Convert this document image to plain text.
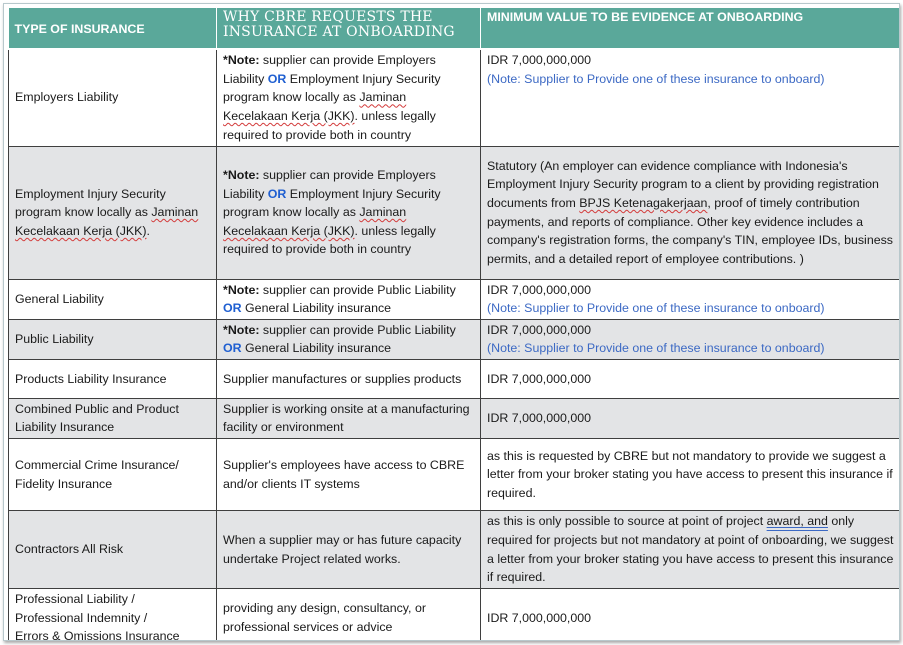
TYPE OF INSURANCE	WHY CBRE REQUESTS THE INSURANCE AT ONBOARDING	MINIMUM VALUE TO BE EVIDENCE AT ONBOARDING
Employers Liability	*Note: supplier can provide Employers Liability OR Employment Injury Security program know locally as Jaminan Kecelakaan Kerja (JKK). unless legally required to provide both in country	IDR 7,000,000,000
(Note: Supplier to Provide one of these insurance to onboard)

Employment Injury Security program know locally as Jaminan Kecelakaan Kerja (JKK).	*Note: supplier can provide Employers Liability OR Employment Injury Security program know locally as Jaminan Kecelakaan Kerja (JKK). unless legally required to provide both in country	Statutory (An employer can evidence compliance with Indonesia's Employment Injury Security program to a client by providing registration documents from BPJS Ketenagakerjaan, proof of timely contribution payments, and reports of compliance. Other key evidence includes a company's registration forms, the company's TIN, employee IDs, business permits, and a detailed report of employee contributions. )
General Liability	*Note: supplier can provide Public Liability OR General Liability insurance	IDR 7,000,000,000
(Note: Supplier to Provide one of these insurance to onboard)

Public Liability	*Note: supplier can provide Public Liability OR General Liability insurance	IDR 7,000,000,000
(Note: Supplier to Provide one of these insurance to onboard)

Products Liability Insurance	Supplier manufactures or supplies products	IDR 7,000,000,000
Combined Public and Product Liability Insurance	Supplier is working onsite at a manufacturing facility or environment	IDR 7,000,000,000
Commercial Crime Insurance/ Fidelity Insurance	Supplier's employees have access to CBRE and/or clients IT systems	as this is requested by CBRE but not mandatory to provide we suggest a letter from your broker stating you have access to present this insurance if required.
Contractors All Risk	When a supplier may or has future capacity undertake Project related works.	as this is only possible to source at point of project award, and only required for projects but not mandatory at point of onboarding, we suggest a letter from your broker stating you have access to present this insurance if required.

Professional Liability /
Professional Indemnity /
Errors & Omissions Insurance	providing any design, consultancy, or professional services or advice	IDR 7,000,000,000
